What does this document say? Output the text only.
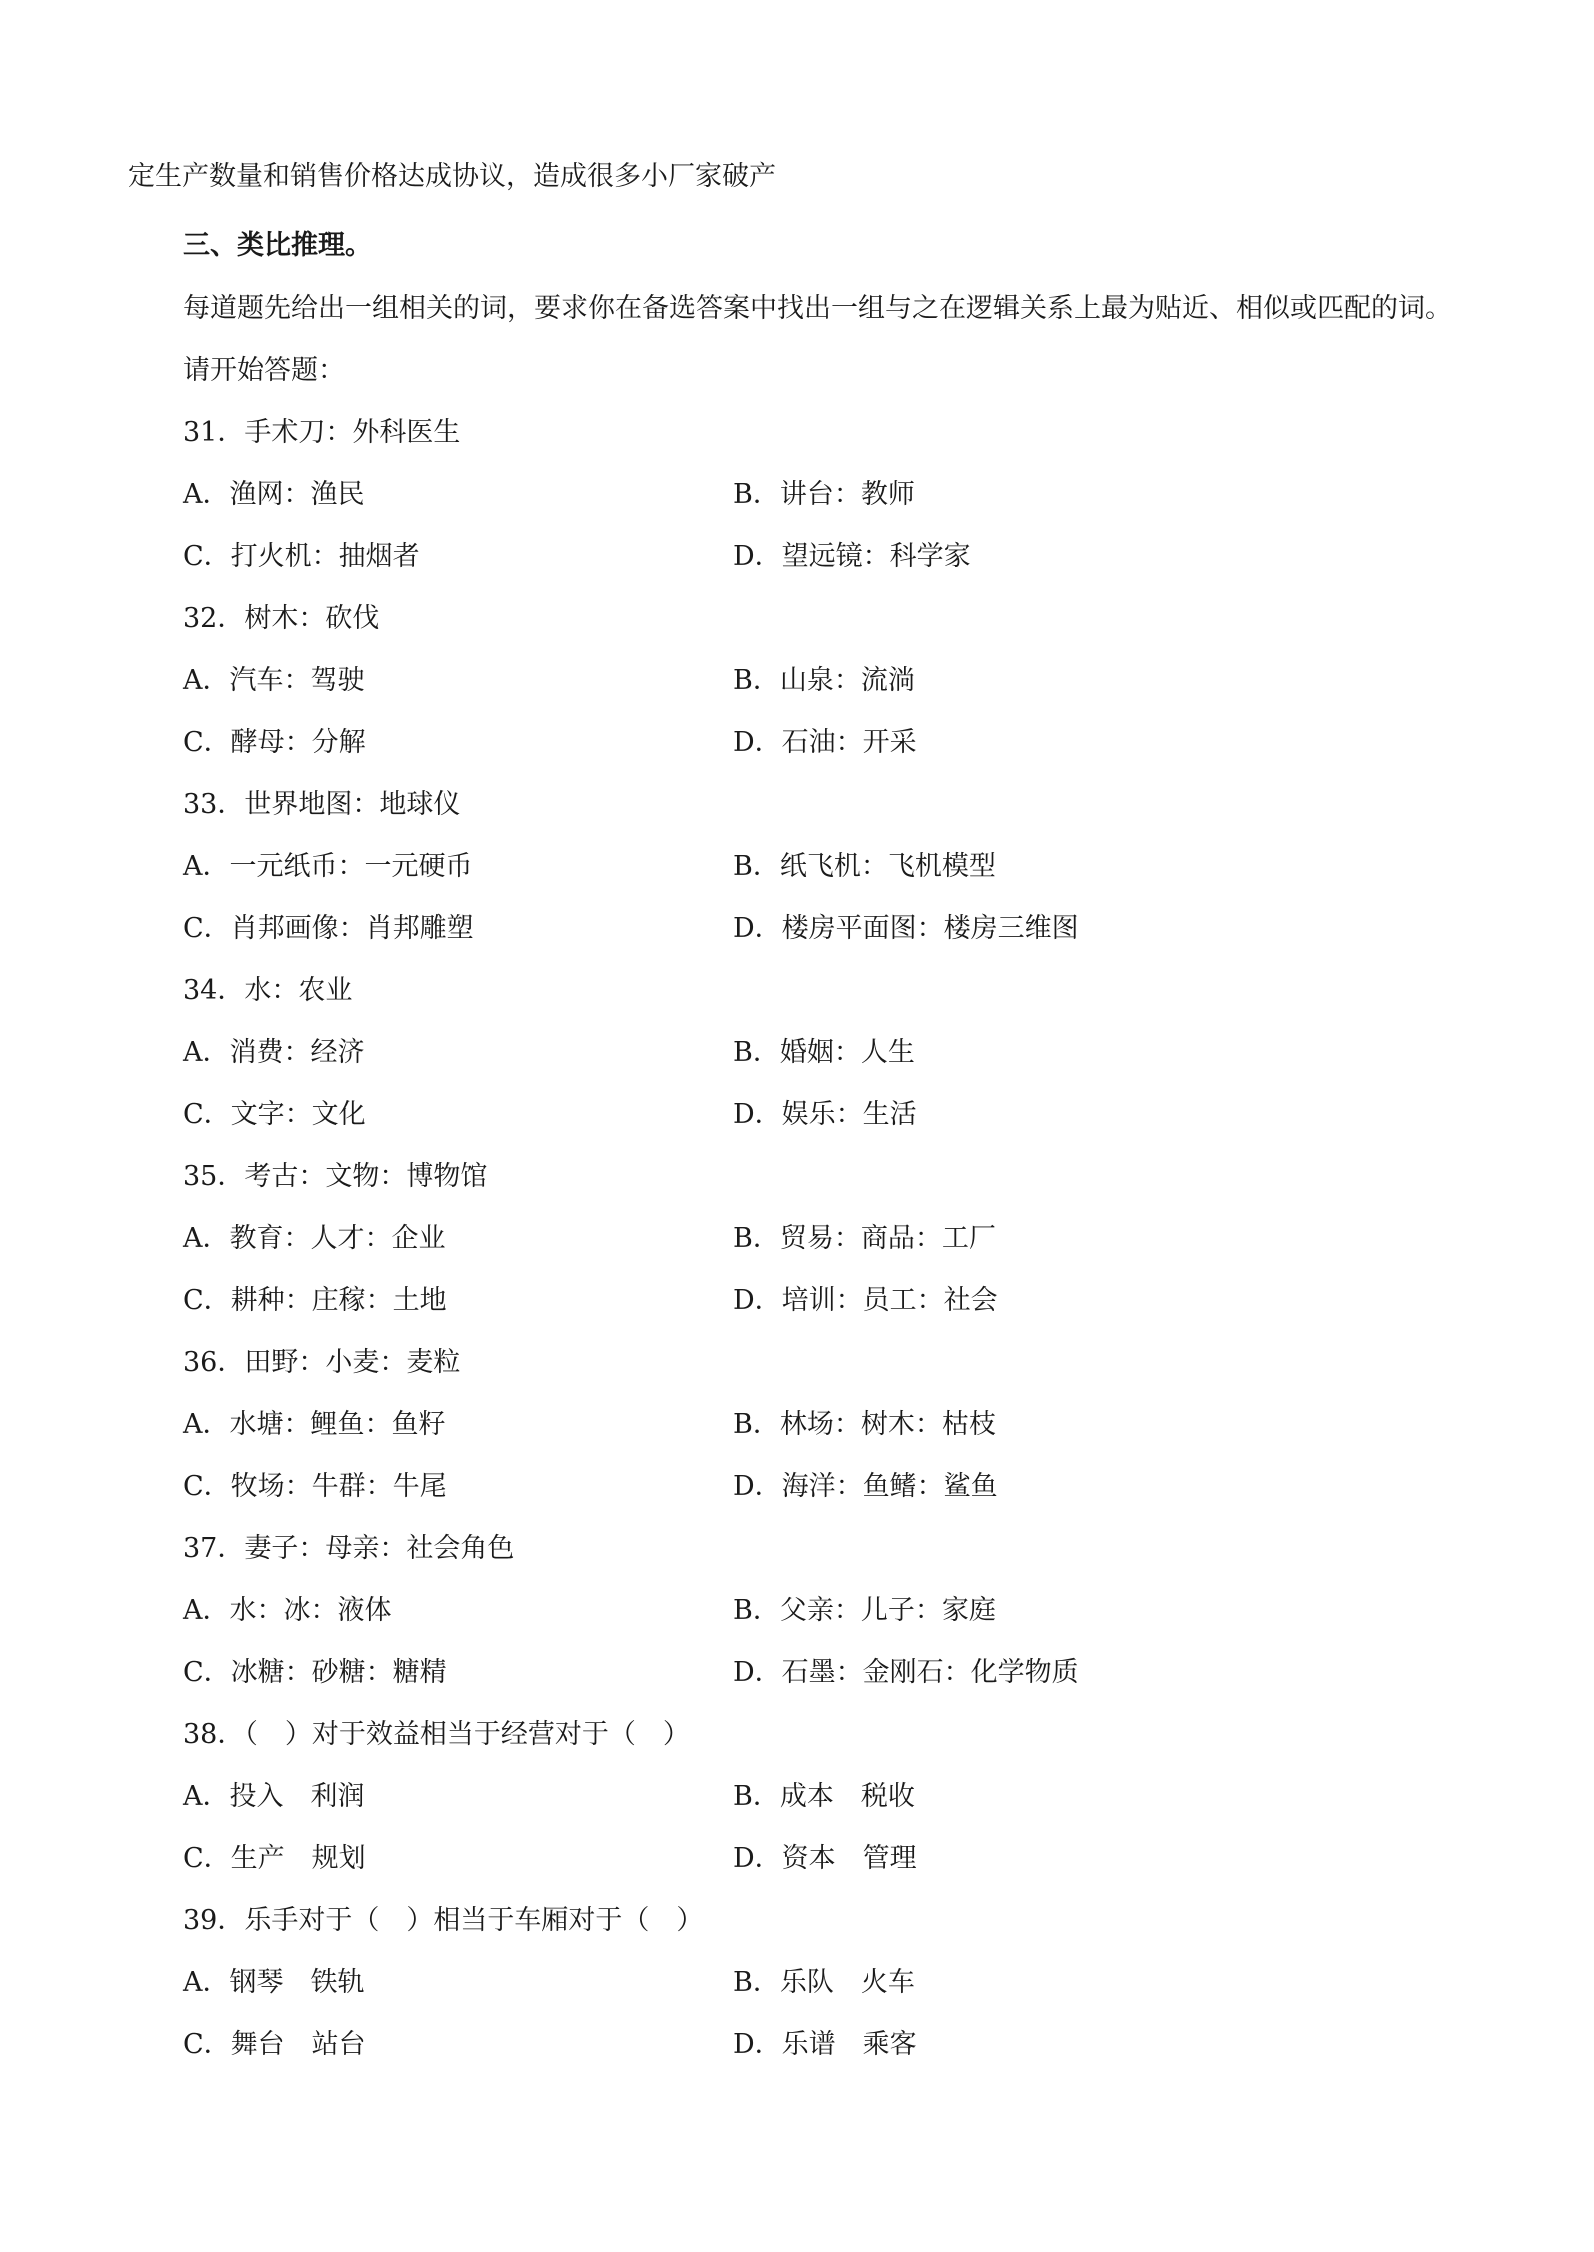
定生产数量和销售价格达成协议，造成很多小厂家破产
三、类比推理。
每道题先给出一组相关的词，要求你在备选答案中找出一组与之在逻辑关系上最为贴近、相似或匹配的词。
请开始答题：
31．手术刀：外科医生
A．渔网：渔民	B．讲台：教师
C．打火机：抽烟者	D．望远镜：科学家
32．树木：砍伐
A．汽车：驾驶	B．山泉：流淌
C．酵母：分解	D．石油：开采
33．世界地图：地球仪
A．一元纸币：一元硬币	B．纸飞机：飞机模型
C．肖邦画像：肖邦雕塑	D．楼房平面图：楼房三维图
34．水：农业
A．消费：经济	B．婚姻：人生
C．文字：文化	D．娱乐：生活
35．考古：文物：博物馆
A．教育：人才：企业	B．贸易：商品：工厂
C．耕种：庄稼：土地	D．培训：员工：社会
36．田野：小麦：麦粒
A．水塘：鲤鱼：鱼籽	B．林场：树木：枯枝
C．牧场：牛群：牛尾	D．海洋：鱼鳍：鲨鱼
37．妻子：母亲：社会角色
A．水：冰：液体	B．父亲：儿子：家庭
C．冰糖：砂糖：糖精	D．石墨：金刚石：化学物质
38．（　）对于效益相当于经营对于（　）
A．投入　利润	B．成本　税收
C．生产　规划	D．资本　管理
39．乐手对于（　）相当于车厢对于（　）
A．钢琴　铁轨	B．乐队　火车
C．舞台　站台	D．乐谱　乘客
